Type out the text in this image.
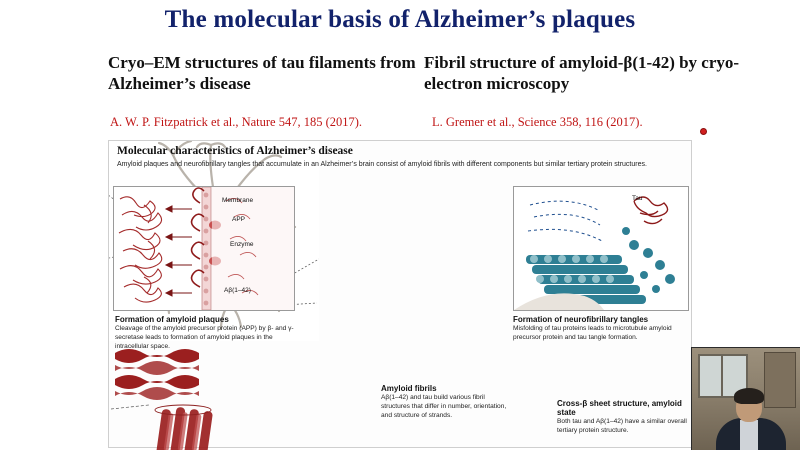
The molecular basis of Alzheimer’s plaques
Cryo–EM structures of tau filaments from Alzheimer’s disease
Fibril structure of amyloid-β(1-42) by cryo-electron microscopy
A. W. P. Fitzpatrick et al., Nature 547, 185 (2017).	L. Gremer et al., Science 358, 116 (2017).
Molecular characteristics of Alzheimer’s disease
Amyloid plaques and neurofibrillary tangles that accumulate in an Alzheimer’s brain consist of amyloid fibrils with different components but similar tertiary protein structures.
Membrane
APP
Enzyme
Aβ(1–42)
Formation of amyloid plaques
Cleavage of the amyloid precursor protein (APP) by β- and γ-secretase leads to formation of amyloid plaques in the intracellular space.
Tau
Formation of neurofibrillary tangles
Misfolding of tau proteins leads to microtubule amyloid precursor protein and tau tangle formation.
Amyloid fibrils
Aβ(1–42) and tau build various fibril structures that differ in number, orientation, and structure of strands.
Cross-β sheet structure, amyloid state
Both tau and Aβ(1–42) have a similar overall tertiary protein structure.
